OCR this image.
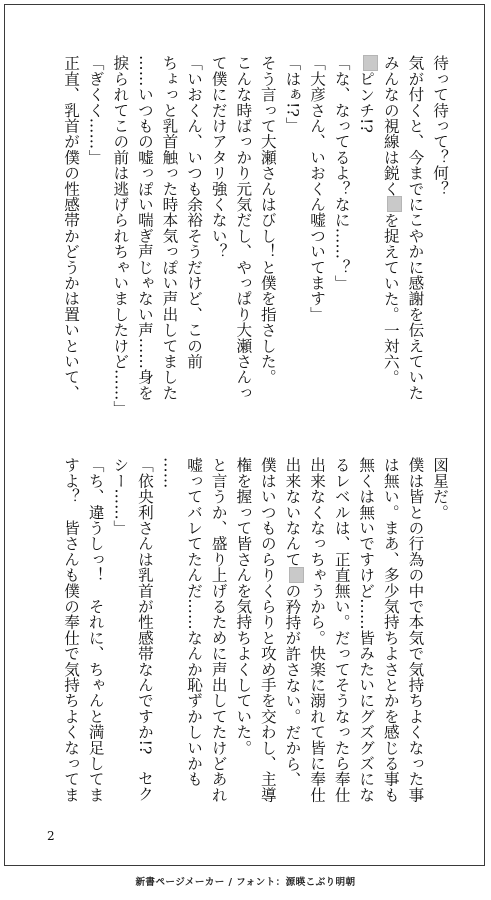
待って待って？何？
気が付くと、今までにこやかに感謝を伝えていた
みんなの視線は鋭くを捉えていた。一対六。
ピンチ!?
「な、なってるよ？なに……？」
「大彦さん、いおくん嘘ついてます」
「はぁ!?」
そう言って大瀬さんはびし！と僕を指さした。
こんな時ばっかり元気だし、やっぱり大瀬さんっ
て僕にだけアタリ強くない？
「いおくん、いつも余裕そうだけど、この前
ちょっと乳首触った時本気っぽい声出してました
……いつもの嘘っぽい喘ぎ声じゃない声……身を
捩られてこの前は逃げられちゃいましたけど……」
「ぎくく……」
正直、乳首が僕の性感帯かどうかは置いといて、
図星だ。
僕は皆との行為の中で本気で気持ちよくなった事
は無い。まあ、多少気持ちよさとかを感じる事も
無くは無いですけど……皆みたいにグズグズにな
るレベルは、正直無い。だってそうなったら奉仕
出来なくなっちゃうから。快楽に溺れて皆に奉仕
出来ないなんての矜持が許さない。だから、
僕はいつものらりくらりと攻め手を交わし、主導
権を握って皆さんを気持ちよくしていた。
と言うか、盛り上げるために声出してたけどあれ
嘘ってバレてたんだ……なんか恥ずかしいかも
……
「依央利さんは乳首が性感帯なんですか!?　セク
シー……」
「ち、違うしっ！　それに、ちゃんと満足してま
すよ？　皆さんも僕の奉仕で気持ちよくなってま
2
新書ページメーカー / フォント：源暎こぶり明朝
